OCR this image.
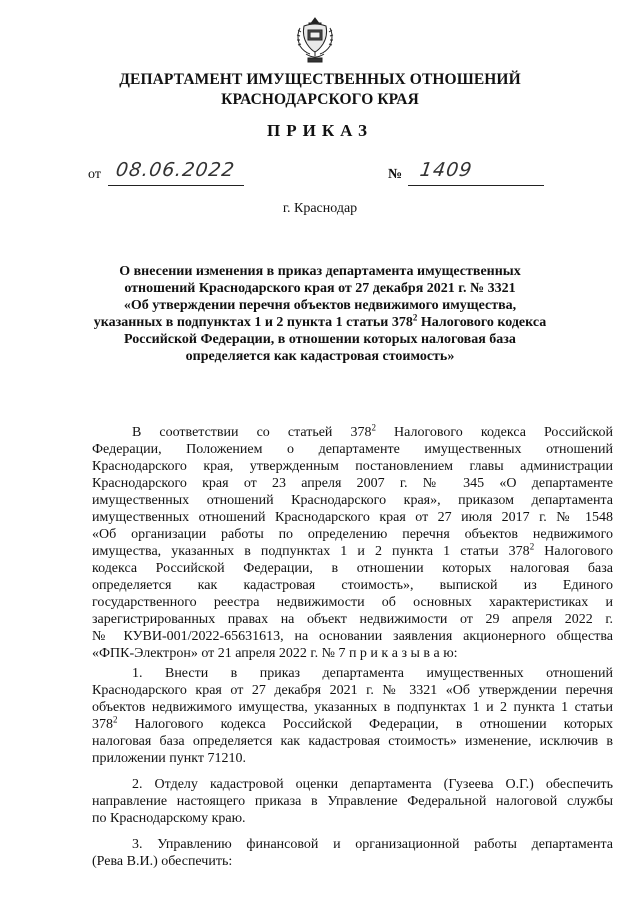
ДЕПАРТАМЕНТ ИМУЩЕСТВЕННЫХ ОТНОШЕНИЙ
КРАСНОДАРСКОГО КРАЯ
ПРИКАЗ
от 08.06.2022	№ 1409
г. Краснодар
О внесении изменения в приказ департамента имущественных
отношений Краснодарского края от 27 декабря 2021 г. № 3321
«Об утверждении перечня объектов недвижимого имущества,
указанных в подпунктах 1 и 2 пункта 1 статьи $378^2$ Налогового кодекса
Российской Федерации, в отношении которых налоговая база
определяется как кадастровая стоимость»
В соответствии со статьей $378^2$ Налогового кодекса Российской
Федерации, Положением о департаменте имущественных отношений
Краснодарского края, утвержденным постановлением главы администрации
Краснодарского края от 23 апреля 2007 г. № 345 «О департаменте
имущественных отношений Краснодарского края», приказом департамента
имущественных отношений Краснодарского края от 27 июля 2017 г. № 1548
«Об организации работы по определению перечня объектов недвижимого
имущества, указанных в подпунктах 1 и 2 пункта 1 статьи $378^2$ Налогового
кодекса Российской Федерации, в отношении которых налоговая база
определяется как кадастровая стоимость», выпиской из Единого
государственного реестра недвижимости об основных характеристиках и
зарегистрированных правах на объект недвижимости от 29 апреля 2022 г.
№ КУВИ-001/2022-65631613, на основании заявления акционерного общества
«ФПК-Электрон» от 21 апреля 2022 г. № 7 п р и к а з ы в а ю:
1. Внести в приказ департамента имущественных отношений
Краснодарского края от 27 декабря 2021 г. № 3321 «Об утверждении перечня
объектов недвижимого имущества, указанных в подпунктах 1 и 2 пункта 1 статьи
$378^2$ Налогового кодекса Российской Федерации, в отношении которых
налоговая база определяется как кадастровая стоимость» изменение, исключив в
приложении пункт 71210.
2. Отделу кадастровой оценки департамента (Гузеева О.Г.) обеспечить
направление настоящего приказа в Управление Федеральной налоговой службы
по Краснодарскому краю.
3. Управлению финансовой и организационной работы департамента
(Рева В.И.) обеспечить:
